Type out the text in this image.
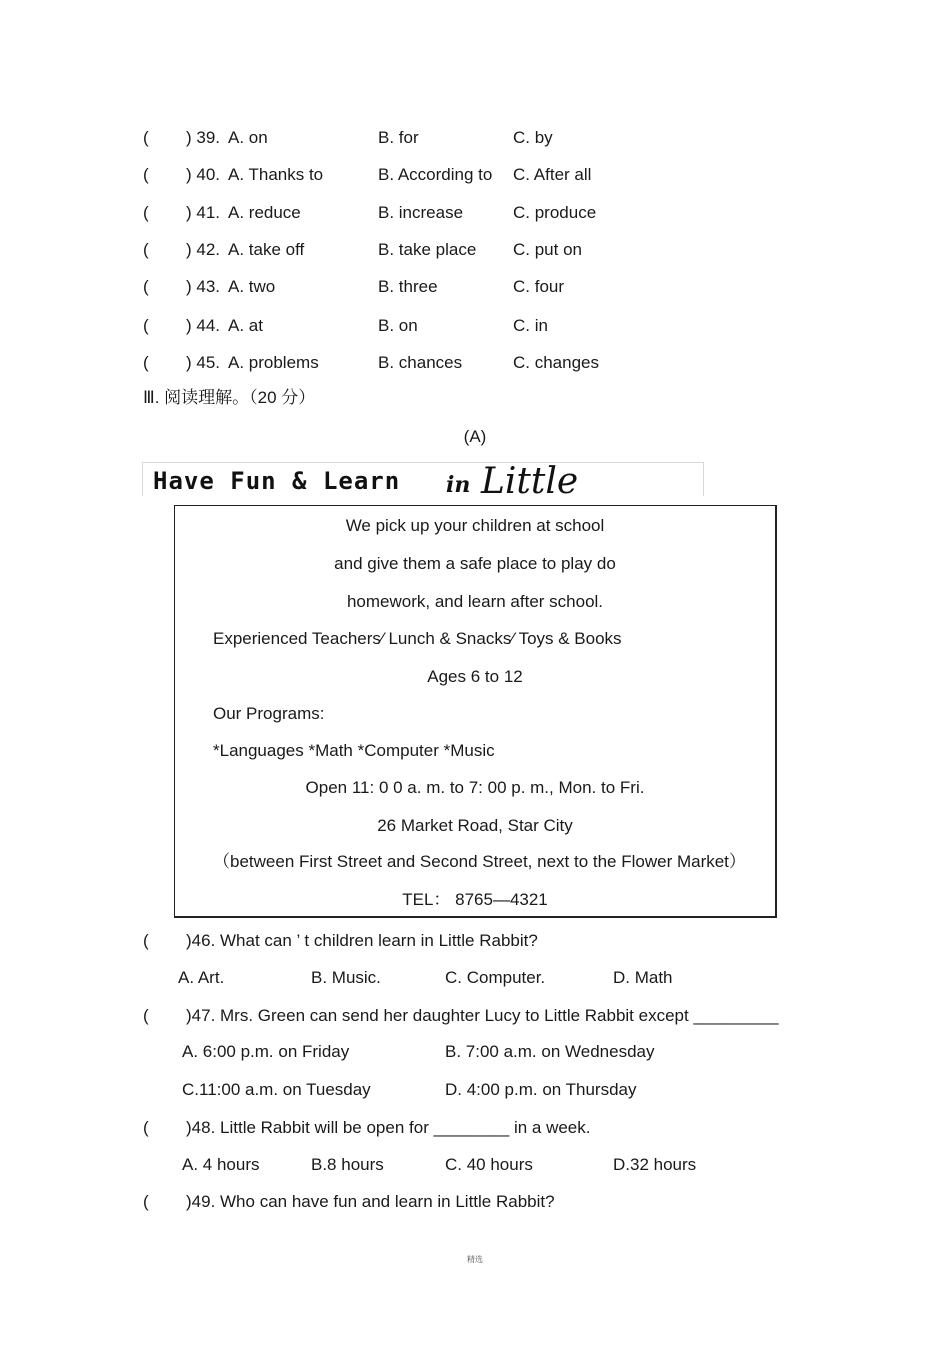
( ) 39. A. on	B. for	C. by
( ) 40. A. Thanks to	B. According to C. After all
( ) 41. A. reduce	B. increase	C. produce
( ) 42. A. take off	B. take place C. put on
( ) 43. A. two	B. three	C. four
( ) 44. A. at	B. on	C. in
( ) 45. A. problems	B. chances	C. changes
Ⅲ. 阅读理解。（20 分）
(A)
Have Fun & Learn in Little
We pick up your children at school
and give them a safe place to play do
homework, and learn after school.
Experienced Teachers⁄ Lunch & Snacks⁄ Toys & Books
Ages 6 to 12
Our Programs:
*Languages *Math *Computer *Music
Open 11: 0 0 a. m. to 7: 00 p. m., Mon. to Fri.
26 Market Road, Star City
（between First Street and Second Street, next to the Flower Market）
TEL： 8765—4321
( )46. What can ’ t children learn in Little Rabbit?
A. Art.	B. Music.	C. Computer.	D. Math
( )47. Mrs. Green can send her daughter Lucy to Little Rabbit except _________
A. 6:00 p.m. on Friday	B. 7:00 a.m. on Wednesday
C.11:00 a.m. on Tuesday	D. 4:00 p.m. on Thursday
( )48. Little Rabbit will be open for ________ in a week.
A. 4 hours	B.8 hours	C. 40 hours	D.32 hours
( )49. Who can have fun and learn in Little Rabbit?
精选
